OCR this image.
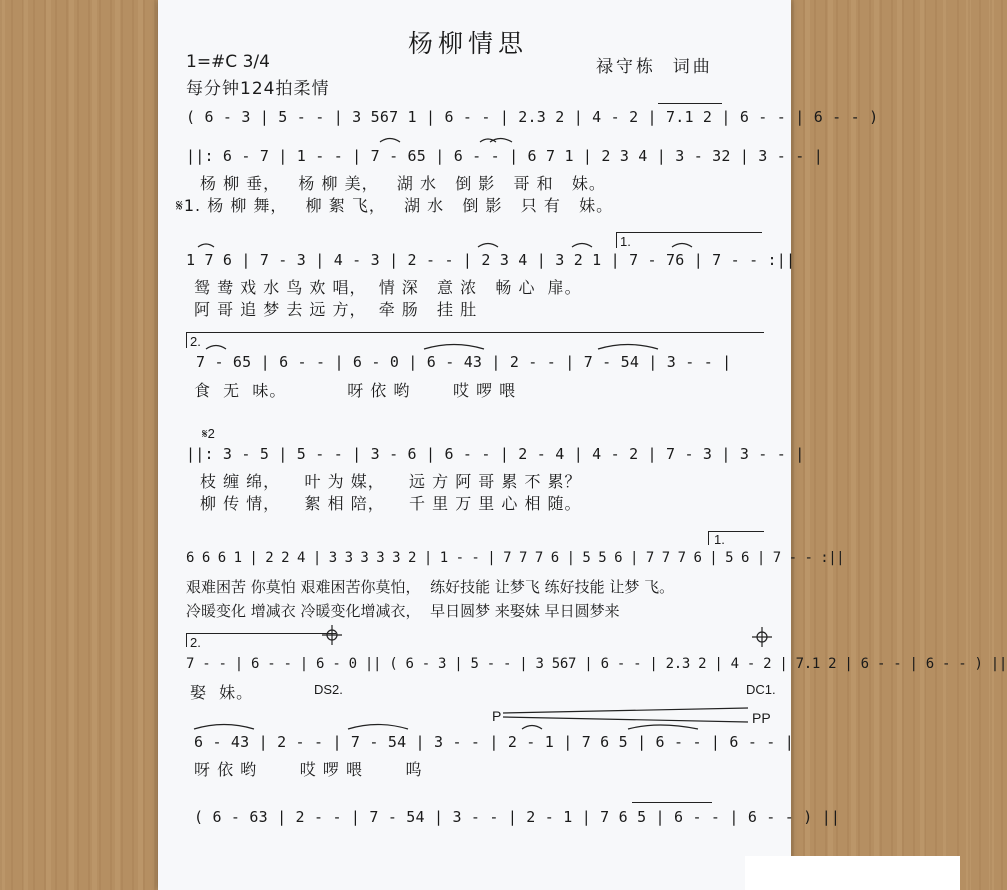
杨柳情思
禄守栋  词曲
1=#C 3/4
每分钟124拍柔情
( 6 - 3 | 5 - - | 3 567 1 | 6 - - | 2.3 2 | 4 - 2 | 7.1 2 | 6 - - | 6 - - )
||: 6 - 7 | 1 - - | 7 - 65 | 6 - - | 6 7 1 | 2 3 4 | 3 - 32 | 3 - - |
杨 柳 垂，   杨 柳 美，   湖 水   倒 影   哥 和   妹。
𝄋1. 杨 柳 舞，   柳 絮 飞，   湖 水   倒 影   只 有   妹。
1.
1 7 6 | 7 - 3 | 4 - 3 | 2 - - | 2 3 4 | 3 2 1 | 7 - 76 | 7 - - :||
鸳 鸯 戏 水 鸟 欢 唱，  情 深   意 浓   畅 心  扉。
阿 哥 追 梦 去 远 方，  牵 肠   挂 肚
2.
7 - 65 | 6 - - | 6 - 0 | 6 - 43 | 2 - - | 7 - 54 | 3 - - |
食  无  味。          呀 依 哟       哎 啰 喂
𝄋2
||: 3 - 5 | 5 - - | 3 - 6 | 6 - - | 2 - 4 | 4 - 2 | 7 - 3 | 3 - - |
枝 缠 绵，    叶 为 媒，    远 方 阿 哥 累 不 累？
柳 传 情，    絮 相 陪，    千 里 万 里 心 相 随。
1.
6 6 6 1 | 2 2 4 | 3 3 3 3 3 2 | 1 - - | 7 7 7 6 | 5 5 6 | 7 7 7 6 | 5 6 | 7 - - :||
艰难困苦 你莫怕 艰难困苦你莫怕，  练好技能 让梦飞 练好技能 让梦 飞。
冷暖变化 增减衣 冷暖变化增减衣，  早日圆梦 来娶妹 早日圆梦来
2.
7 - - | 6 - - | 6 - 0 || ( 6 - 3 | 5 - - | 3 567 | 6 - - | 2.3 2 | 4 - 2 | 7.1 2 | 6 - - | 6 - - ) ||
娶  妹。	DS2.	DC1.
P	PP
6 - 43 | 2 - - | 7 - 54 | 3 - - | 2 - 1 | 7 6 5 | 6 - - | 6 - - |
呀 依 哟       哎 啰 喂       呜
( 6 - 63 | 2 - - | 7 - 54 | 3 - - | 2 - 1 | 7 6 5 | 6 - - | 6 - - ) ||
